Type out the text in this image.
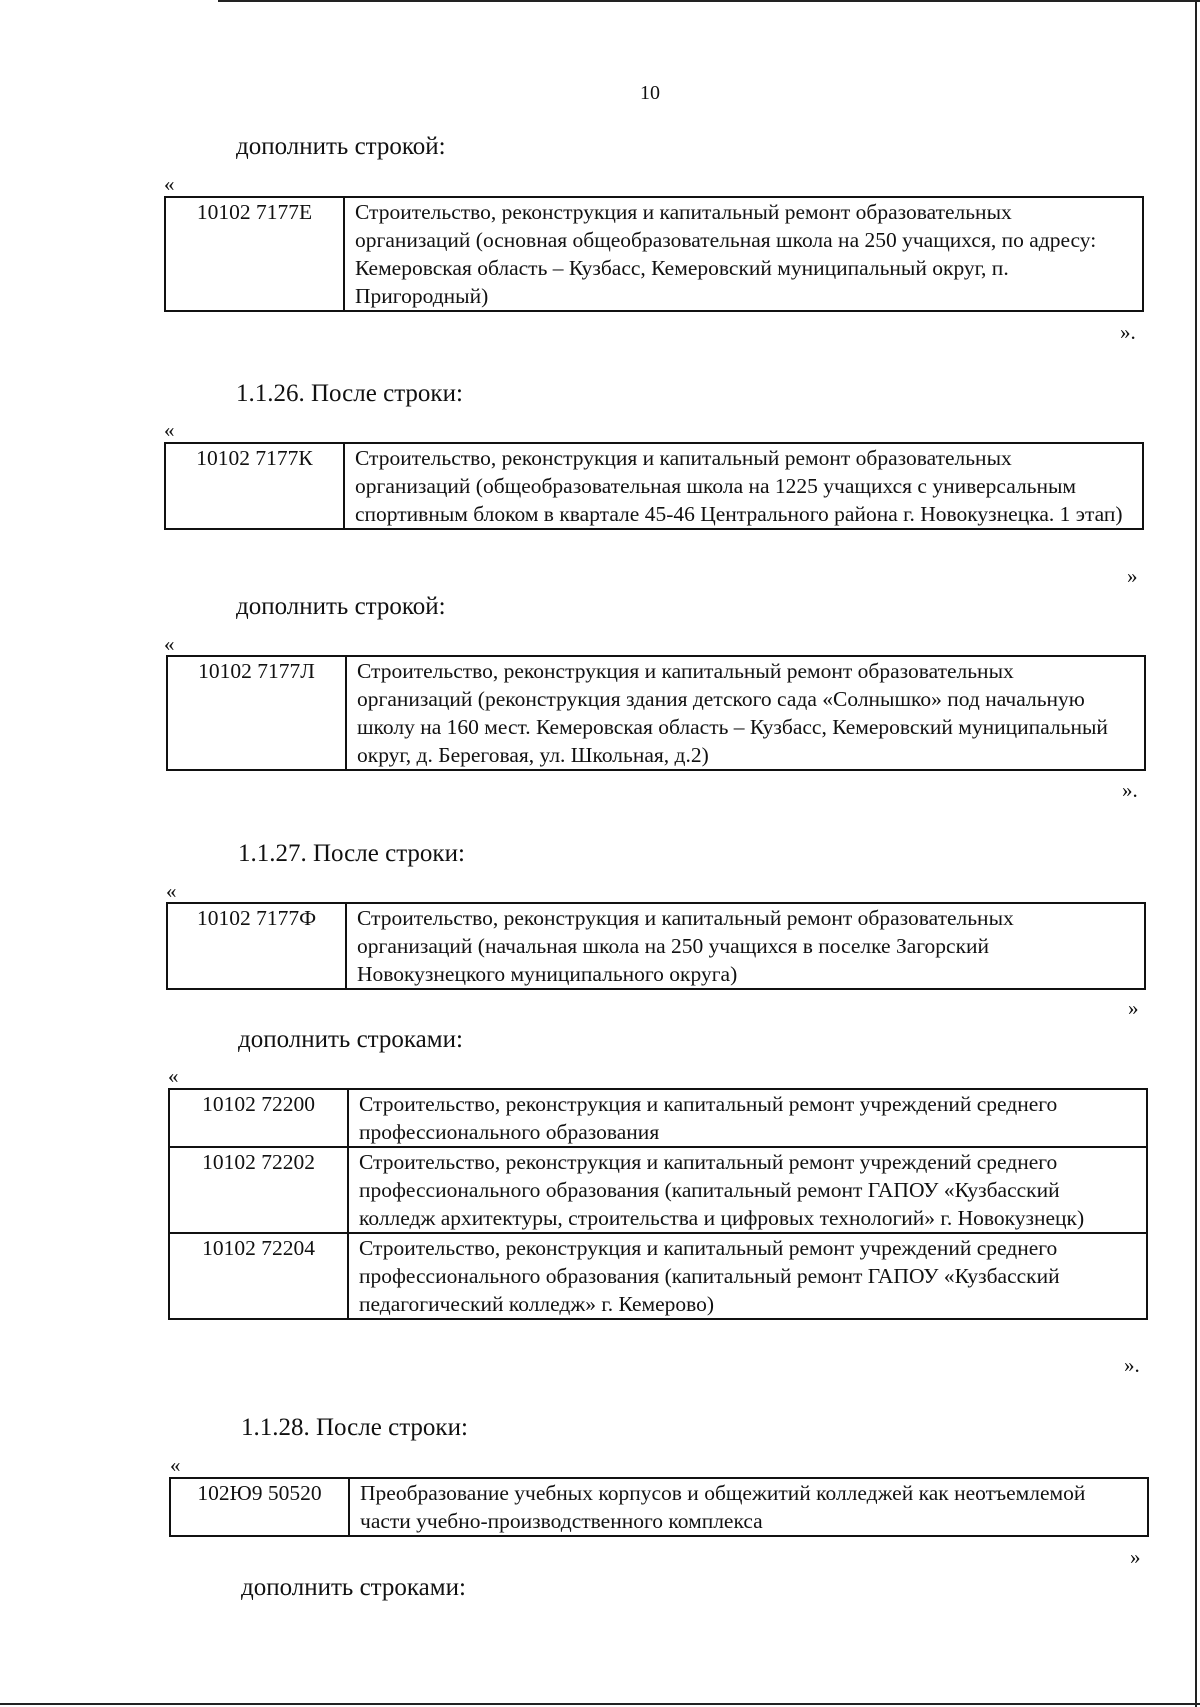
10
дополнить строкой:
«
10102 7177Е	Строительство, реконструкция и капитальный ремонт образовательных организаций (основная общеобразовательная школа на 250 учащихся, по адресу: Кемеровская область – Кузбасс, Кемеровский муниципальный округ, п. Пригородный)
».
1.1.26. После строки:
«
10102 7177К	Строительство, реконструкция и капитальный ремонт образовательных организаций (общеобразовательная школа на 1225 учащихся с универсальным спортивным блоком в квартале 45-46 Центрального района г. Новокузнецка. 1 этап)
»
дополнить строкой:
«
10102 7177Л	Строительство, реконструкция и капитальный ремонт образовательных организаций (реконструкция здания детского сада «Солнышко» под начальную школу на 160 мест. Кемеровская область – Кузбасс, Кемеровский муниципальный округ, д. Береговая, ул. Школьная, д.2)
».
1.1.27. После строки:
«
10102 7177Ф	Строительство, реконструкция и капитальный ремонт образовательных организаций (начальная школа на 250 учащихся в поселке Загорский Новокузнецкого муниципального округа)
»
дополнить строками:
«
10102 72200	Строительство, реконструкция и капитальный ремонт учреждений среднего профессионального образования
10102 72202	Строительство, реконструкция и капитальный ремонт учреждений среднего профессионального образования (капитальный ремонт ГАПОУ «Кузбасский колледж архитектуры, строительства и цифровых технологий» г. Новокузнецк)
10102 72204	Строительство, реконструкция и капитальный ремонт учреждений среднего профессионального образования (капитальный ремонт ГАПОУ «Кузбасский педагогический колледж» г. Кемерово)
».
1.1.28. После строки:
«
102Ю9 50520	Преобразование учебных корпусов и общежитий колледжей как неотъемлемой части учебно-производственного комплекса
»
дополнить строками:
